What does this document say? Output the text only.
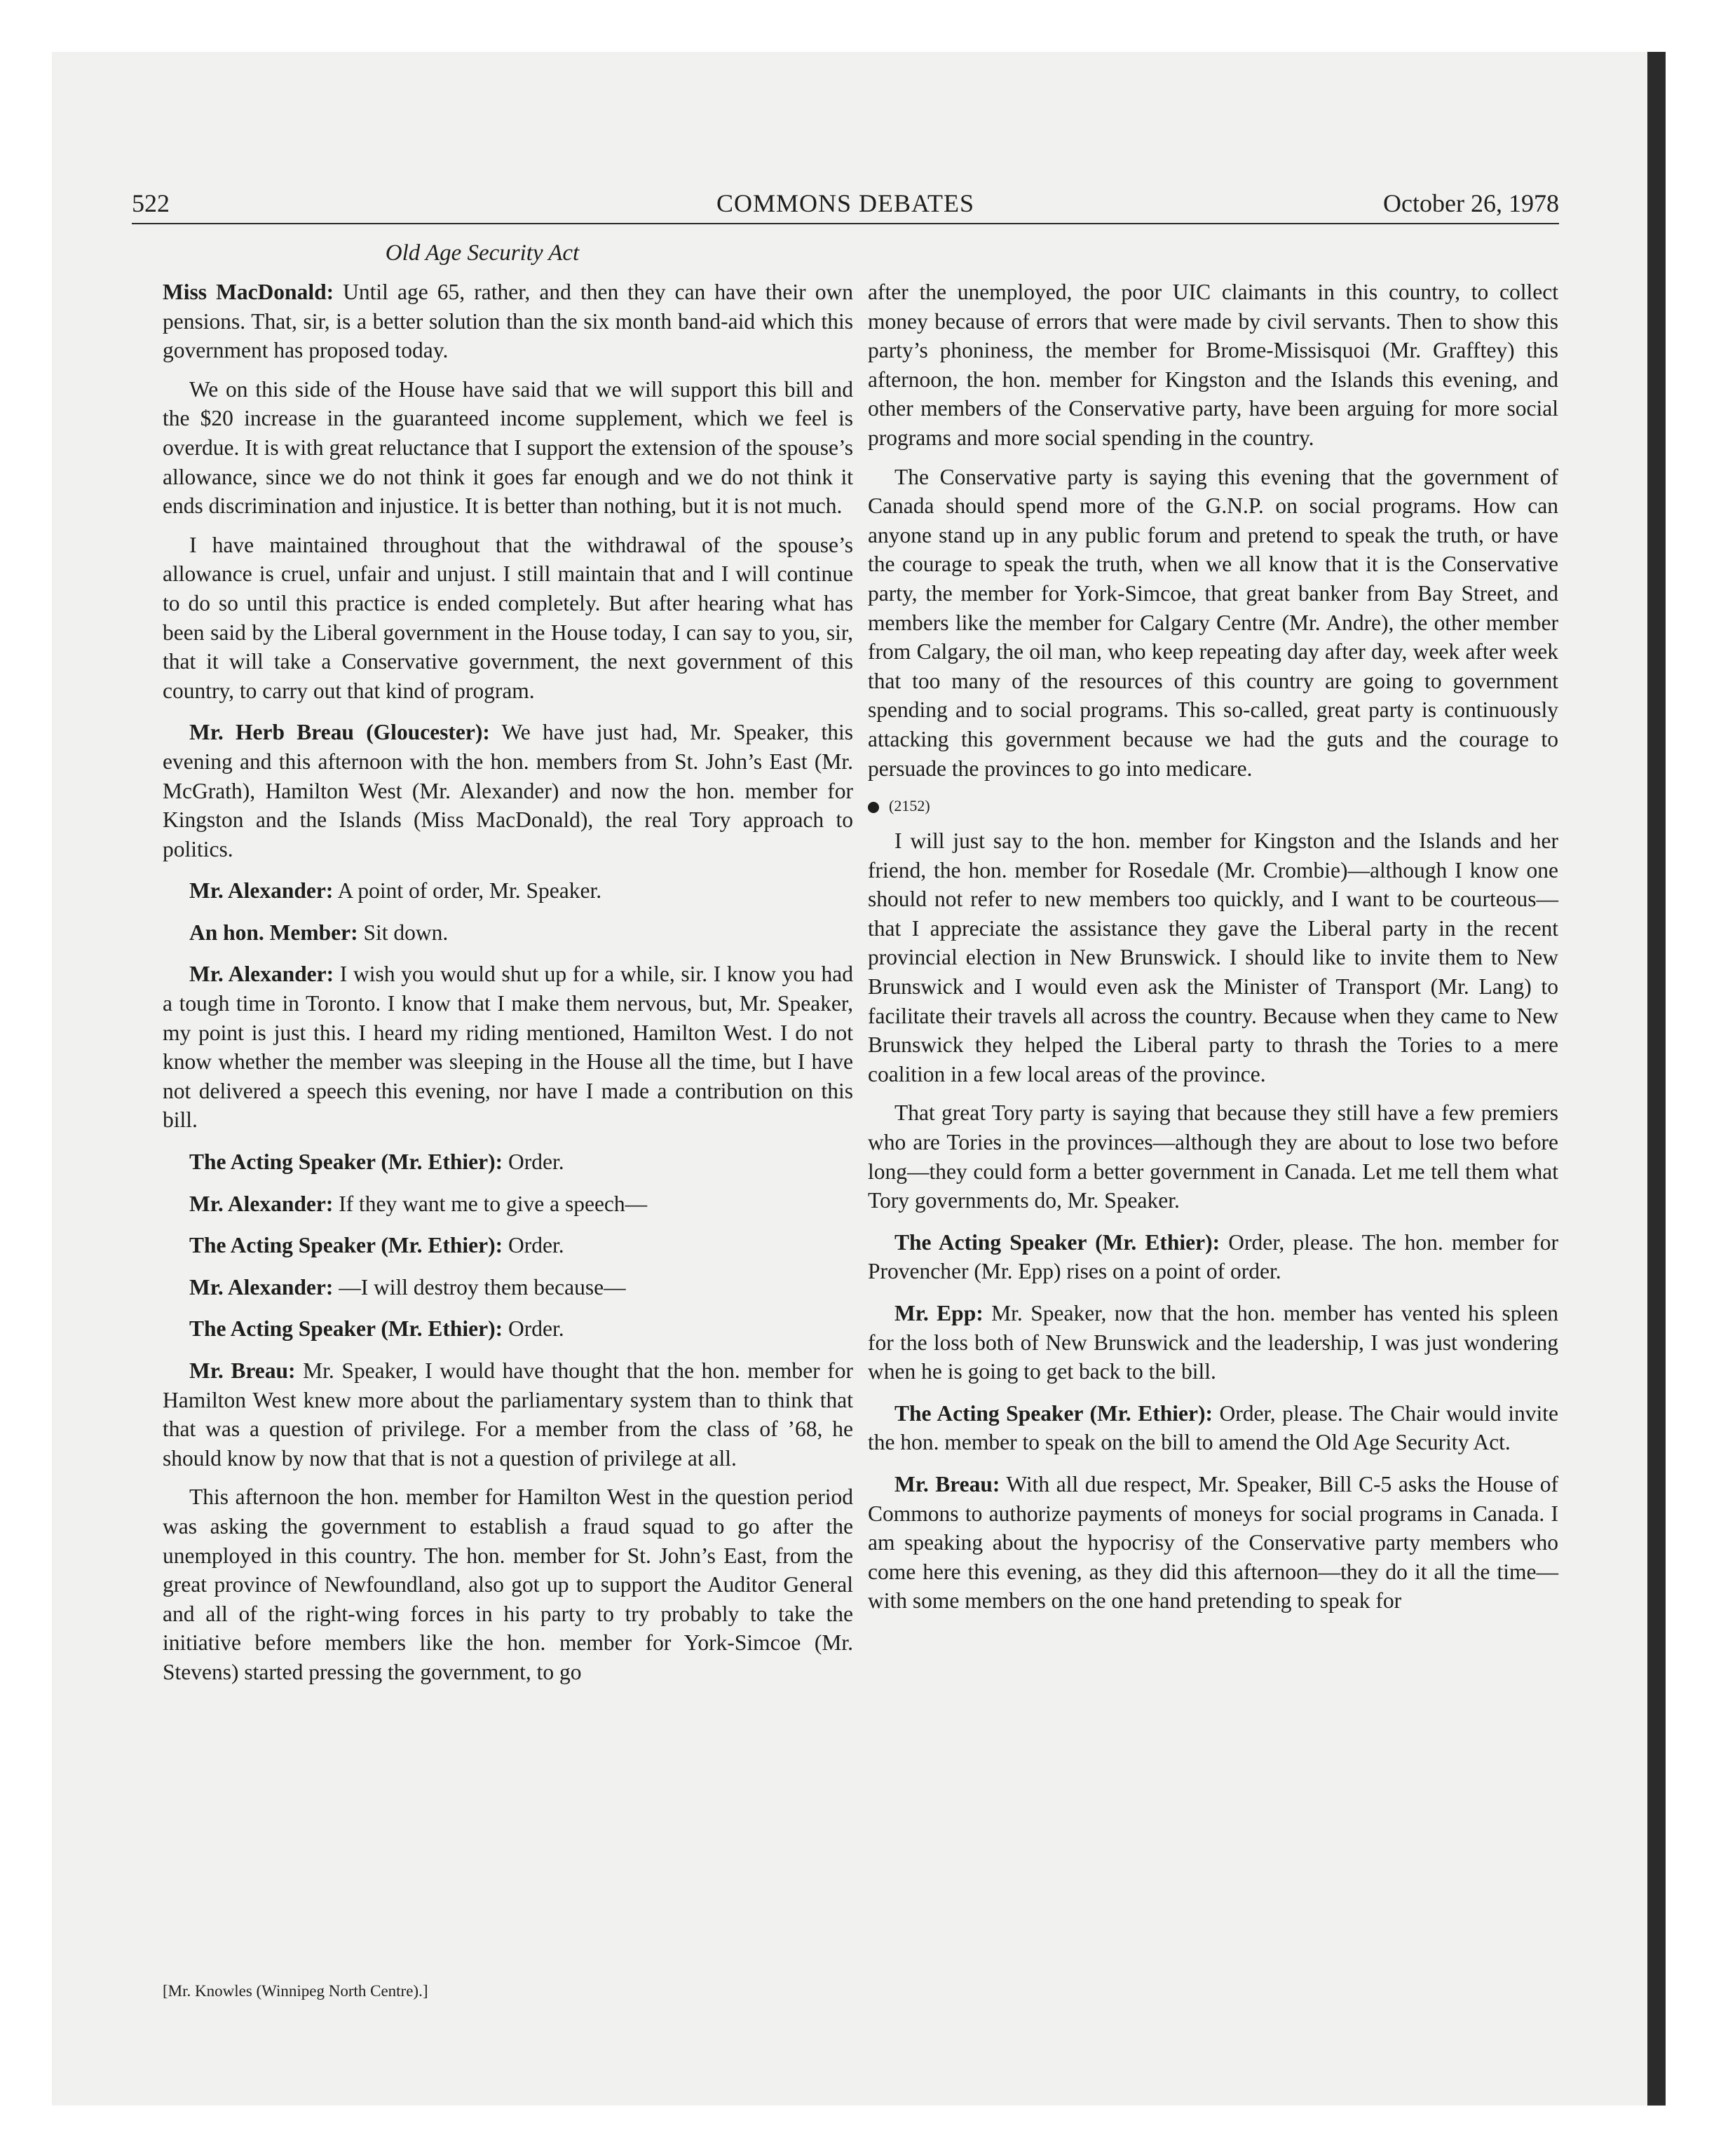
522	COMMONS DEBATES	October 26, 1978
Old Age Security Act

Miss MacDonald: Until age 65, rather, and then they can have their own pensions. That, sir, is a better solution than the six month band-aid which this government has proposed today.

We on this side of the House have said that we will support this bill and the $20 increase in the guaranteed income supplement, which we feel is overdue. It is with great reluctance that I support the extension of the spouse’s allowance, since we do not think it goes far enough and we do not think it ends discrimination and injustice. It is better than nothing, but it is not much.

I have maintained throughout that the withdrawal of the spouse’s allowance is cruel, unfair and unjust. I still maintain that and I will continue to do so until this practice is ended completely. But after hearing what has been said by the Liberal government in the House today, I can say to you, sir, that it will take a Conservative government, the next government of this country, to carry out that kind of program.

Mr. Herb Breau (Gloucester): We have just had, Mr. Speaker, this evening and this afternoon with the hon. members from St. John’s East (Mr. McGrath), Hamilton West (Mr. Alexander) and now the hon. member for Kingston and the Islands (Miss MacDonald), the real Tory approach to politics.

Mr. Alexander: A point of order, Mr. Speaker.

An hon. Member: Sit down.

Mr. Alexander: I wish you would shut up for a while, sir. I know you had a tough time in Toronto. I know that I make them nervous, but, Mr. Speaker, my point is just this. I heard my riding mentioned, Hamilton West. I do not know whether the member was sleeping in the House all the time, but I have not delivered a speech this evening, nor have I made a contribution on this bill.

The Acting Speaker (Mr. Ethier): Order.

Mr. Alexander: If they want me to give a speech—

The Acting Speaker (Mr. Ethier): Order.

Mr. Alexander: —I will destroy them because—

The Acting Speaker (Mr. Ethier): Order.

Mr. Breau: Mr. Speaker, I would have thought that the hon. member for Hamilton West knew more about the parliamentary system than to think that that was a question of privilege. For a member from the class of ’68, he should know by now that that is not a question of privilege at all.

This afternoon the hon. member for Hamilton West in the question period was asking the government to establish a fraud squad to go after the unemployed in this country. The hon. member for St. John’s East, from the great province of Newfoundland, also got up to support the Auditor General and all of the right-wing forces in his party to try probably to take the initiative before members like the hon. member for York-Simcoe (Mr. Stevens) started pressing the government, to go

[Mr. Knowles (Winnipeg North Centre).]

after the unemployed, the poor UIC claimants in this country, to collect money because of errors that were made by civil servants. Then to show this party’s phoniness, the member for Brome-Missisquoi (Mr. Grafftey) this afternoon, the hon. member for Kingston and the Islands this evening, and other members of the Conservative party, have been arguing for more social programs and more social spending in the country.

The Conservative party is saying this evening that the government of Canada should spend more of the G.N.P. on social programs. How can anyone stand up in any public forum and pretend to speak the truth, or have the courage to speak the truth, when we all know that it is the Conservative party, the member for York-Simcoe, that great banker from Bay Street, and members like the member for Calgary Centre (Mr. Andre), the other member from Calgary, the oil man, who keep repeating day after day, week after week that too many of the resources of this country are going to government spending and to social programs. This so-called, great party is continuously attacking this government because we had the guts and the courage to persuade the provinces to go into medicare.

(2152)

I will just say to the hon. member for Kingston and the Islands and her friend, the hon. member for Rosedale (Mr. Crombie)—although I know one should not refer to new members too quickly, and I want to be courteous—that I appreciate the assistance they gave the Liberal party in the recent provincial election in New Brunswick. I should like to invite them to New Brunswick and I would even ask the Minister of Transport (Mr. Lang) to facilitate their travels all across the country. Because when they came to New Brunswick they helped the Liberal party to thrash the Tories to a mere coalition in a few local areas of the province.

That great Tory party is saying that because they still have a few premiers who are Tories in the provinces—although they are about to lose two before long—they could form a better government in Canada. Let me tell them what Tory governments do, Mr. Speaker.

The Acting Speaker (Mr. Ethier): Order, please. The hon. member for Provencher (Mr. Epp) rises on a point of order.

Mr. Epp: Mr. Speaker, now that the hon. member has vented his spleen for the loss both of New Brunswick and the leadership, I was just wondering when he is going to get back to the bill.

The Acting Speaker (Mr. Ethier): Order, please. The Chair would invite the hon. member to speak on the bill to amend the Old Age Security Act.

Mr. Breau: With all due respect, Mr. Speaker, Bill C-5 asks the House of Commons to authorize payments of moneys for social programs in Canada. I am speaking about the hypocrisy of the Conservative party members who come here this evening, as they did this afternoon—they do it all the time—with some members on the one hand pretending to speak for
